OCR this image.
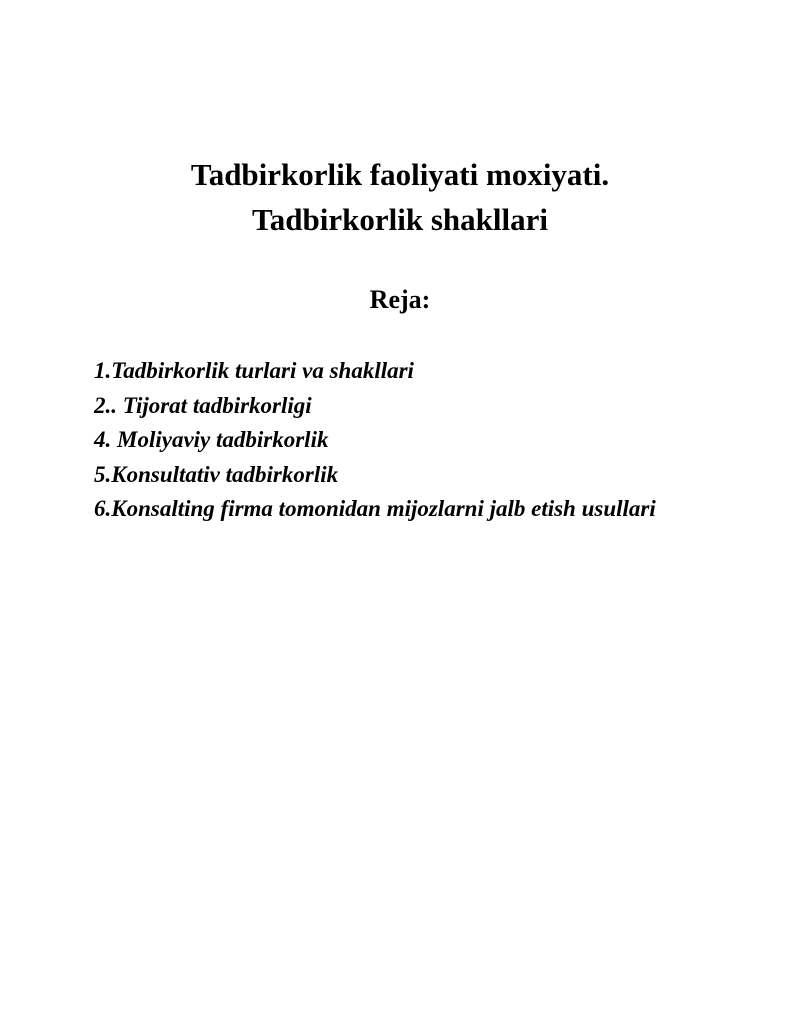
Tadbirkorlik faoliyati moxiyati.
Tadbirkorlik shakllari
Reja:
1.Tadbirkorlik turlari va shakllari
2.. Tijorat tadbirkorligi
4. Moliyaviy tadbirkorlik
5.Konsultativ tadbirkorlik
6.Konsalting firma tomonidan mijozlarni jalb etish usullari
